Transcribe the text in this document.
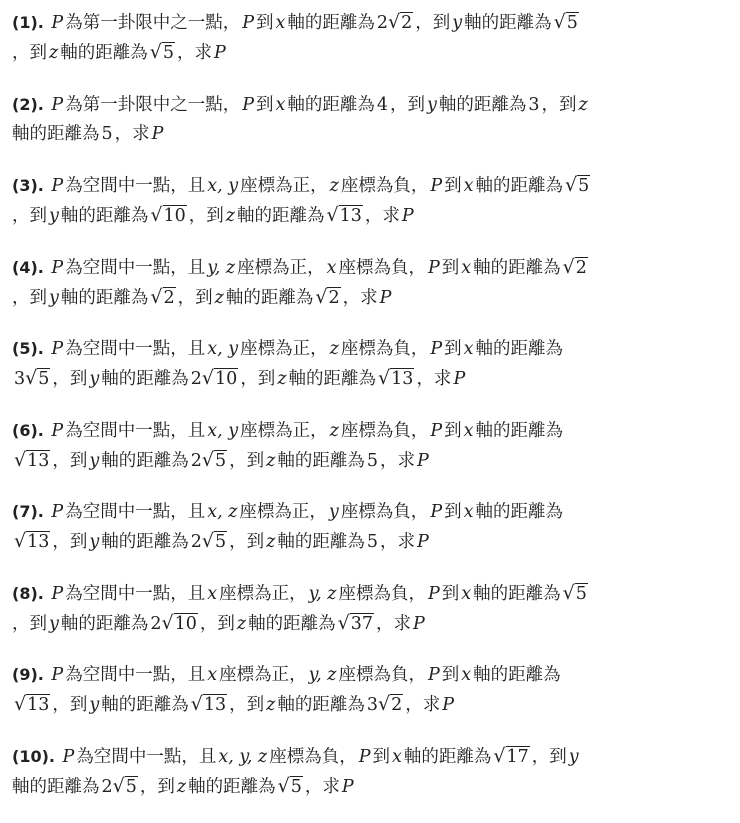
(1). P 為第一卦限中之一點， P 到 x 軸的距離為 2√2 ，到 y 軸的距離為 √5
，到 z 軸的距離為 √5 ，求 P
(2). P 為第一卦限中之一點， P 到 x 軸的距離為 4 ，到 y 軸的距離為 3 ，到 z
軸的距離為 5 ，求 P
(3). P 為空間中一點，且 x, y 座標為正， z 座標為負， P 到 x 軸的距離為 √5
，到 y 軸的距離為 √10 ，到 z 軸的距離為 √13 ，求 P
(4). P 為空間中一點，且 y, z 座標為正， x 座標為負， P 到 x 軸的距離為 √2
，到 y 軸的距離為 √2 ，到 z 軸的距離為 √2 ，求 P
(5). P 為空間中一點，且 x, y 座標為正， z 座標為負， P 到 x 軸的距離為
3√5 ，到 y 軸的距離為 2√10 ，到 z 軸的距離為 √13 ，求 P
(6). P 為空間中一點，且 x, y 座標為正， z 座標為負， P 到 x 軸的距離為
√13 ，到 y 軸的距離為 2√5 ，到 z 軸的距離為 5 ，求 P
(7). P 為空間中一點，且 x, z 座標為正， y 座標為負， P 到 x 軸的距離為
√13 ，到 y 軸的距離為 2√5 ，到 z 軸的距離為 5 ，求 P
(8). P 為空間中一點，且 x 座標為正， y, z 座標為負， P 到 x 軸的距離為 √5
，到 y 軸的距離為 2√10 ，到 z 軸的距離為 √37 ，求 P
(9). P 為空間中一點，且 x 座標為正， y, z 座標為負， P 到 x 軸的距離為
√13 ，到 y 軸的距離為 √13 ，到 z 軸的距離為 3√2 ，求 P
(10). P 為空間中一點，且 x, y, z 座標為負， P 到 x 軸的距離為 √17 ，到 y
軸的距離為 2√5 ，到 z 軸的距離為 √5 ，求 P
